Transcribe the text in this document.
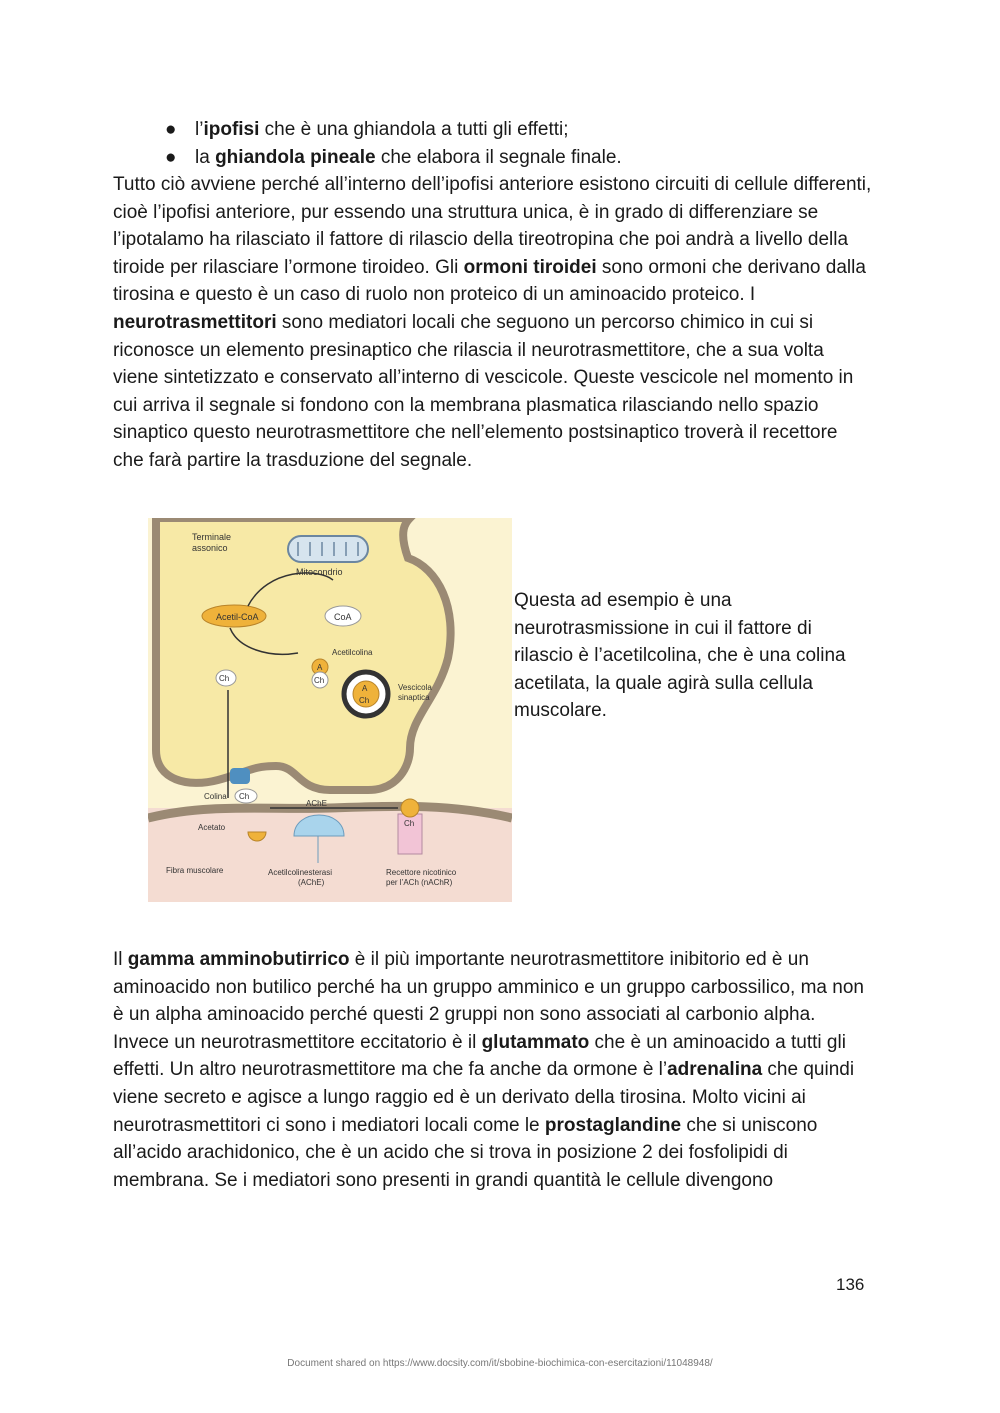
● l’ipofisi che è una ghiandola a tutti gli effetti;
● la ghiandola pineale che elabora il segnale finale.

Tutto ciò avviene perché all’interno dell’ipofisi anteriore esistono circuiti di cellule differenti, cioè l’ipofisi anteriore, pur essendo una struttura unica, è in grado di differenziare se l’ipotalamo ha rilasciato il fattore di rilascio della tireotropina che poi andrà a livello della tiroide per rilasciare l’ormone tiroideo. Gli ormoni tiroidei sono ormoni che derivano dalla tirosina e questo è un caso di ruolo non proteico di un aminoacido proteico. I neurotrasmettitori sono mediatori locali che seguono un percorso chimico in cui si riconosce un elemento presinaptico che rilascia il neurotrasmettitore, che a sua volta viene sintetizzato e conservato all’interno di vescicole. Queste vescicole nel momento in cui arriva il segnale si fondono con la membrana plasmatica rilasciando nello spazio sinaptico questo neurotrasmettitore che nell’elemento postsinaptico troverà il recettore che farà partire la trasduzione del segnale.

Terminale
assonico
Mitocondrio
Acetil-CoA	CoA
Acetilcolina
A
Ch
A
Ch
Vescicola
sinaptica
Ch
Colina Ch
AChE
Acetato	Ch
Fibra muscolare	Acetilcolinesterasi
(AChE)
Recettore nicotinico
per l’ACh (nAChR)

Questa ad esempio è una neurotrasmissione in cui il fattore di rilascio è l’acetilcolina, che è una colina acetilata, la quale agirà sulla cellula muscolare.

Il gamma amminobutirrico è il più importante neurotrasmettitore inibitorio ed è un aminoacido non butilico perché ha un gruppo amminico e un gruppo carbossilico, ma non è un alpha aminoacido perché questi 2 gruppi non sono associati al carbonio alpha. Invece un neurotrasmettitore eccitatorio è il glutammato che è un aminoacido a tutti gli effetti. Un altro neurotrasmettitore ma che fa anche da ormone è l’adrenalina che quindi viene secreto e agisce a lungo raggio ed è un derivato della tirosina. Molto vicini ai neurotrasmettitori ci sono i mediatori locali come le prostaglandine che si uniscono all’acido arachidonico, che è un acido che si trova in posizione 2 dei fosfolipidi di membrana. Se i mediatori sono presenti in grandi quantità le cellule divengono

136
Document shared on https://www.docsity.com/it/sbobine-biochimica-con-esercitazioni/11048948/
